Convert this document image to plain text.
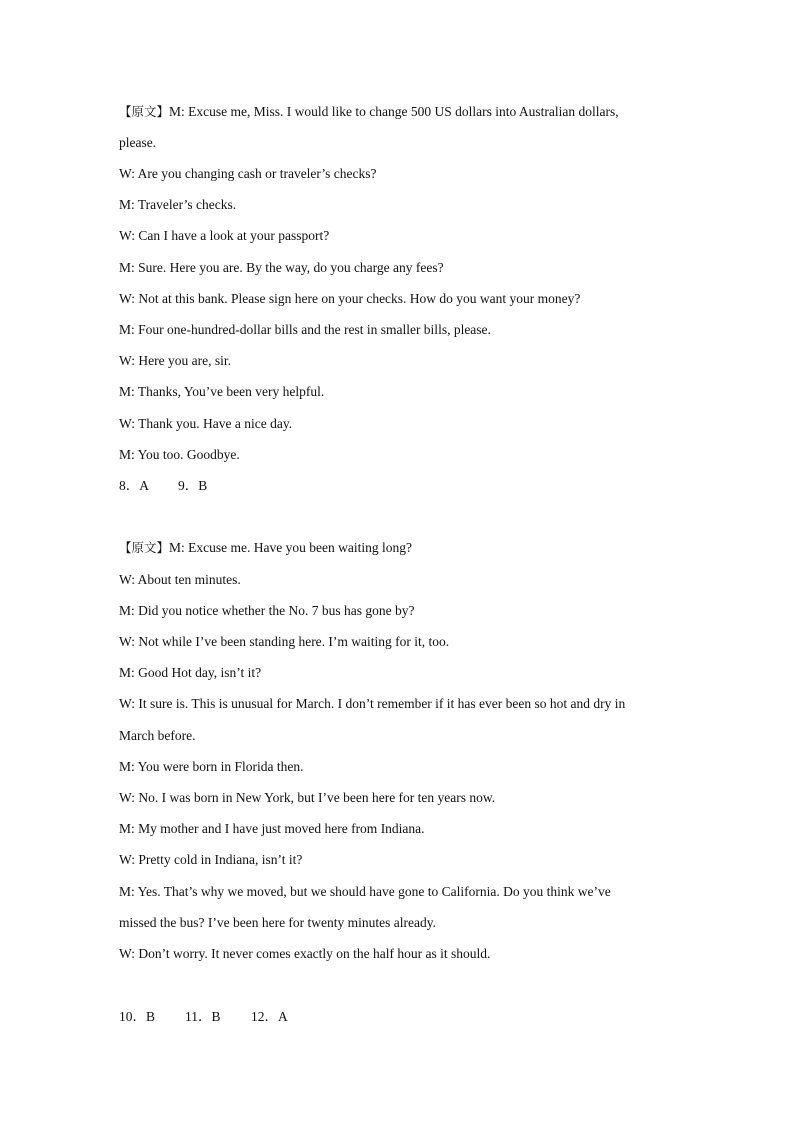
【原文】M: Excuse me, Miss. I would like to change 500 US dollars into Australian dollars,
please.
W: Are you changing cash or traveler’s checks?
M: Traveler’s checks.
W: Can I have a look at your passport?
M: Sure. Here you are. By the way, do you charge any fees?
W: Not at this bank. Please sign here on your checks. How do you want your money?
M: Four one-hundred-dollar bills and the rest in smaller bills, please.
W: Here you are, sir.
M: Thanks, You’ve been very helpful.
W: Thank you. Have a nice day.
M: You too. Goodbye.
8．A 9．B
【原文】M: Excuse me. Have you been waiting long?
W: About ten minutes.
M: Did you notice whether the No. 7 bus has gone by?
W: Not while I’ve been standing here. I’m waiting for it, too.
M: Good Hot day, isn’t it?
W: It sure is. This is unusual for March. I don’t remember if it has ever been so hot and dry in
March before.
M: You were born in Florida then.
W: No. I was born in New York, but I’ve been here for ten years now.
M: My mother and I have just moved here from Indiana.
W: Pretty cold in Indiana, isn’t it?
M: Yes. That’s why we moved, but we should have gone to California. Do you think we’ve
missed the bus? I’ve been here for twenty minutes already.
W: Don’t worry. It never comes exactly on the half hour as it should.
10．B 11．B 12．A
